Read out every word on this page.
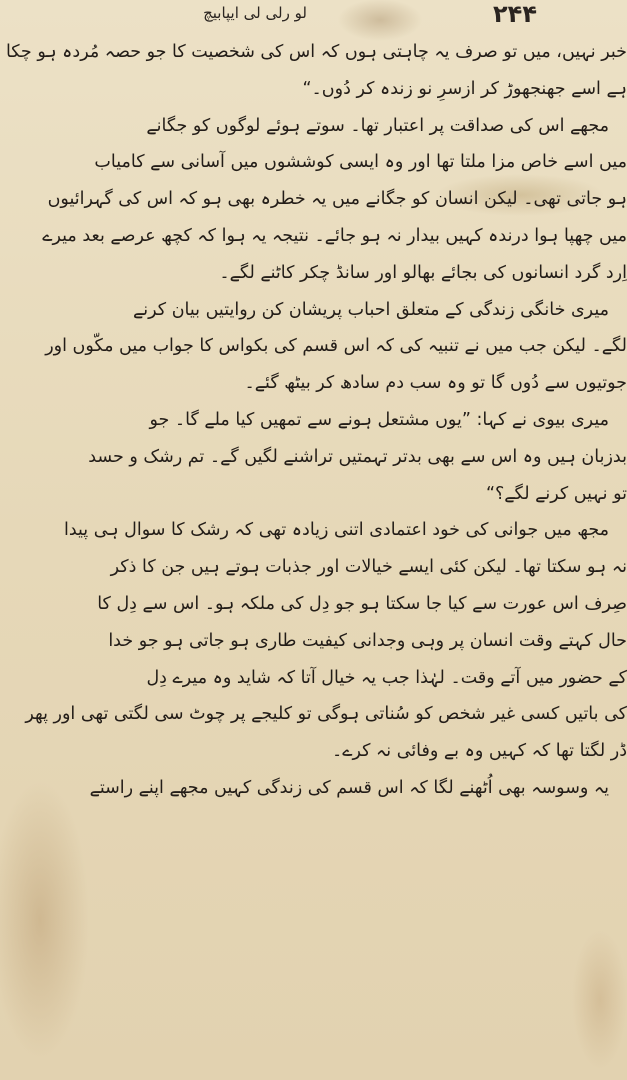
لو رلی لی ایپابیچ	۲۴۴
خبر نہیں، میں تو صرف یہ چاہتی ہوں کہ اس کی شخصیت کا جو حصہ مُردہ ہو چکا
ہے اسے جھنجھوڑ کر ازسرِ نو زندہ کر دُوں۔“
مجھے اس کی صداقت پر اعتبار تھا۔ سوتے ہوئے لوگوں کو جگانے
میں اسے خاص مزا ملتا تھا اور وہ ایسی کوششوں میں آسانی سے کامیاب
ہو جاتی تھی۔ لیکن انسان کو جگانے میں یہ خطرہ بھی ہو کہ اس کی گہرائیوں
میں چھپا ہوا درندہ کہیں بیدار نہ ہو جائے۔ نتیجہ یہ ہوا کہ کچھ عرصے بعد میرے
اِرد گرد انسانوں کی بجائے بھالو اور سانڈ چکر کاٹنے لگے۔
میری خانگی زندگی کے متعلق احباب پریشان کن روایتیں بیان کرنے
لگے۔ لیکن جب میں نے تنبیہ کی کہ اس قسم کی بکواس کا جواب میں مکّوں اور
جوتیوں سے دُوں گا تو وہ سب دم سادھ کر بیٹھ گئے۔
میری بیوی نے کہا: ”یوں مشتعل ہونے سے تمھیں کیا ملے گا۔ جو
بدزبان ہیں وہ اس سے بھی بدتر تہمتیں تراشنے لگیں گے۔ تم رشک و حسد
تو نہیں کرنے لگے؟“
مجھ میں جوانی کی خود اعتمادی اتنی زیادہ تھی کہ رشک کا سوال ہی پیدا
نہ ہو سکتا تھا۔ لیکن کئی ایسے خیالات اور جذبات ہوتے ہیں جن کا ذکر
صِرف اس عورت سے کیا جا سکتا ہو جو دِل کی ملکہ ہو۔ اس سے دِل کا
حال کہتے وقت انسان پر وہی وجدانی کیفیت طاری ہو جاتی ہو جو خدا
کے حضور میں آتے وقت۔ لہٰذا جب یہ خیال آتا کہ شاید وہ میرے دِل
کی باتیں کسی غیر شخص کو سُناتی ہوگی تو کلیجے پر چوٹ سی لگتی تھی اور پھر
ڈر لگتا تھا کہ کہیں وہ بے وفائی نہ کرے۔
یہ وسوسہ بھی اُٹھنے لگا کہ اس قسم کی زندگی کہیں مجھے اپنے راستے
